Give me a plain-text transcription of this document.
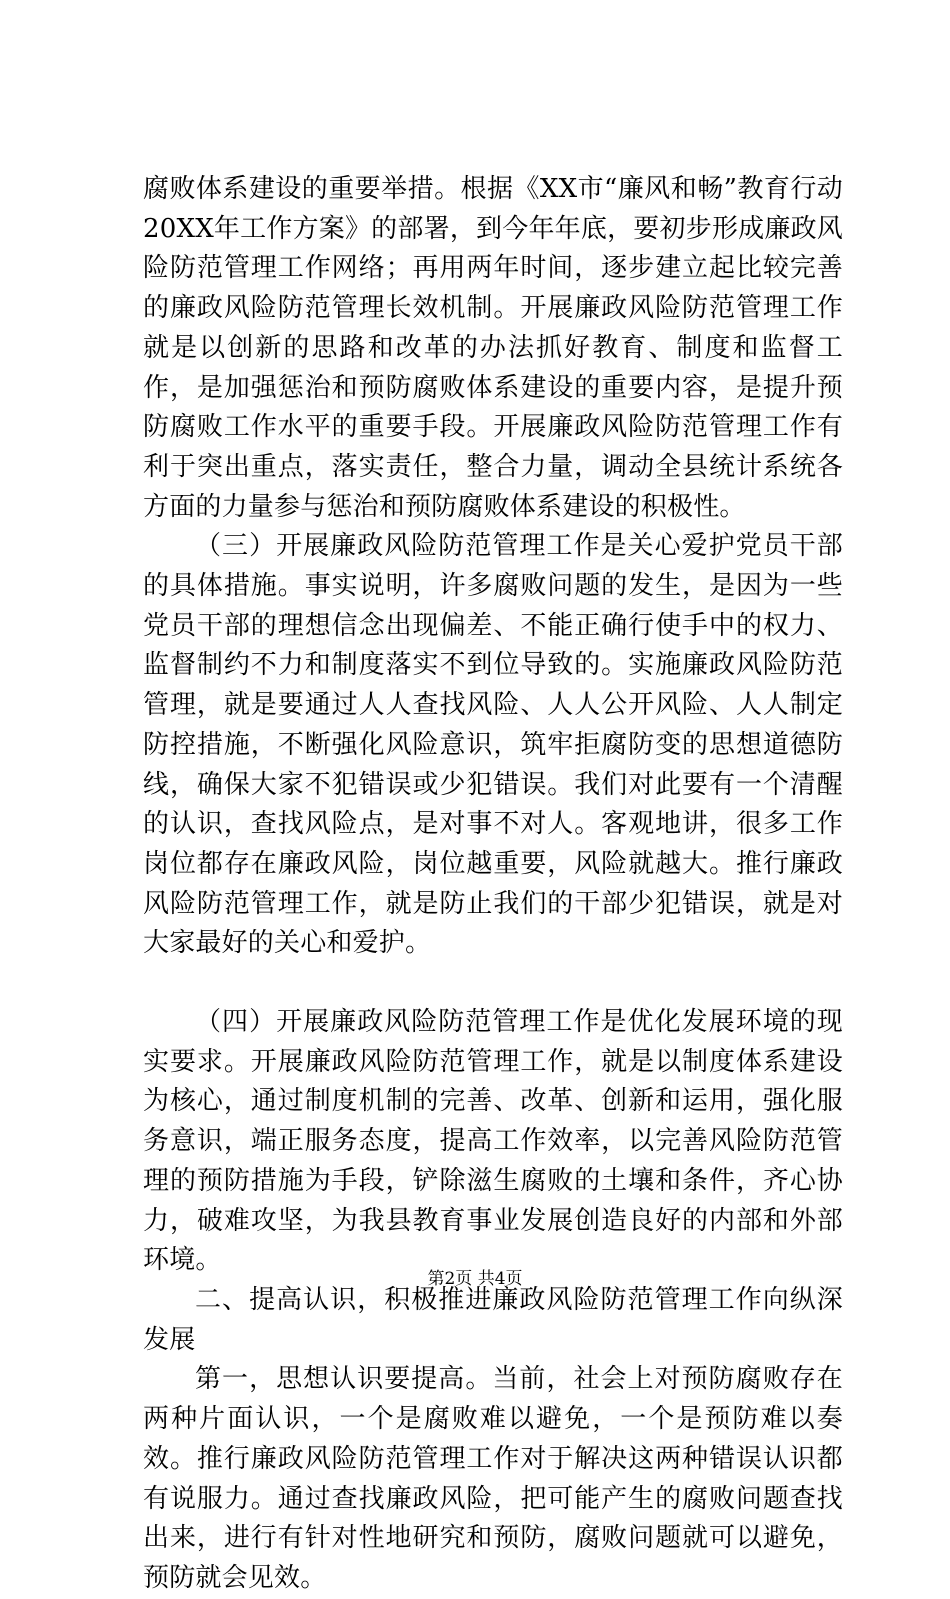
腐败体系建设的重要举措。根据《XX市“廉风和畅”教育行动20XX年工作方案》的部署，到今年年底，要初步形成廉政风险防范管理工作网络；再用两年时间，逐步建立起比较完善的廉政风险防范管理长效机制。开展廉政风险防范管理工作就是以创新的思路和改革的办法抓好教育、制度和监督工作，是加强惩治和预防腐败体系建设的重要内容，是提升预防腐败工作水平的重要手段。开展廉政风险防范管理工作有利于突出重点，落实责任，整合力量，调动全县统计系统各方面的力量参与惩治和预防腐败体系建设的积极性。

（三）开展廉政风险防范管理工作是关心爱护党员干部的具体措施。事实说明，许多腐败问题的发生，是因为一些党员干部的理想信念出现偏差、不能正确行使手中的权力、监督制约不力和制度落实不到位导致的。实施廉政风险防范管理，就是要通过人人查找风险、人人公开风险、人人制定防控措施，不断强化风险意识，筑牢拒腐防变的思想道德防线，确保大家不犯错误或少犯错误。我们对此要有一个清醒的认识，查找风险点，是对事不对人。客观地讲，很多工作岗位都存在廉政风险，岗位越重要，风险就越大。推行廉政风险防范管理工作，就是防止我们的干部少犯错误，就是对大家最好的关心和爱护。

（四）开展廉政风险防范管理工作是优化发展环境的现实要求。开展廉政风险防范管理工作，就是以制度体系建设为核心，通过制度机制的完善、改革、创新和运用，强化服务意识，端正服务态度，提高工作效率，以完善风险防范管理的预防措施为手段，铲除滋生腐败的土壤和条件，齐心协力，破难攻坚，为我县教育事业发展创造良好的内部和外部环境。

二、提高认识，积极推进廉政风险防范管理工作向纵深发展

第一，思想认识要提高。当前，社会上对预防腐败存在两种片面认识，一个是腐败难以避免，一个是预防难以奏效。推行廉政风险防范管理工作对于解决这两种错误认识都有说服力。通过查找廉政风险，把可能产生的腐败问题查找出来，进行有针对性地研究和预防，腐败问题就可以避免，预防就会见效。

第2页 共4页
